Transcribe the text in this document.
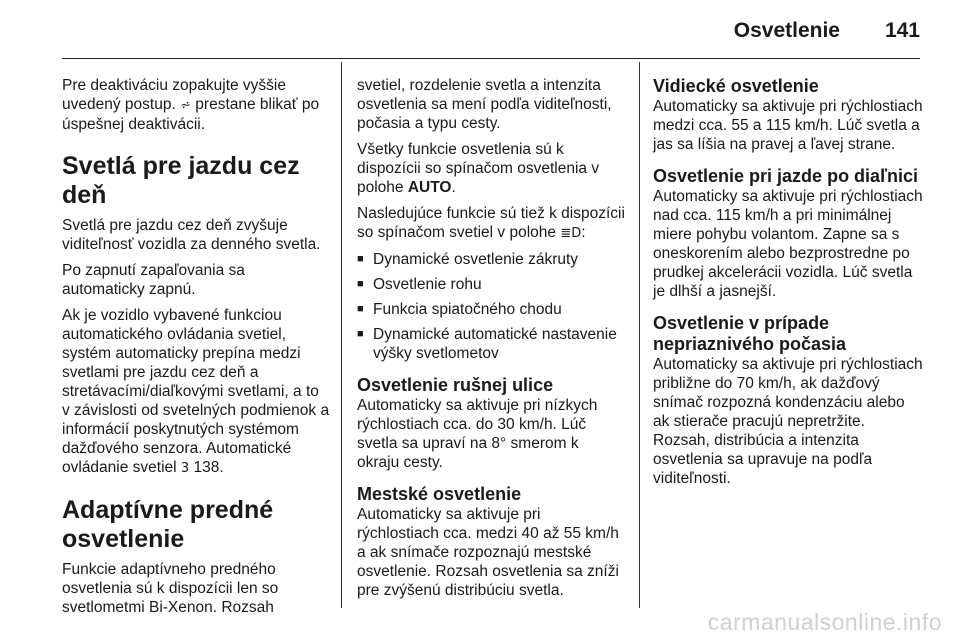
Osvetlenie 141

Pre deaktiváciu zopakujte vyššie uvedený postup. ⩫ prestane blikať po úspešnej deaktivácii.

Svetlá pre jazdu cez deň

Svetlá pre jazdu cez deň zvyšuje viditeľnosť vozidla za denného svetla.

Po zapnutí zapaľovania sa automaticky zapnú.

Ak je vozidlo vybavené funkciou automatického ovládania svetiel, systém automaticky prepína medzi svetlami pre jazdu cez deň a stretávacími/diaľkovými svetlami, a to v závislosti od svetelných podmienok a informácií poskytnutých systémom dažďového senzora. Automatické ovládanie svetiel 3 138.

Adaptívne predné osvetlenie

Funkcie adaptívneho predného osvetlenia sú k dispozícii len so svetlometmi Bi-Xenon. Rozsah

svetiel, rozdelenie svetla a intenzita osvetlenia sa mení podľa viditeľnosti, počasia a typu cesty.

Všetky funkcie osvetlenia sú k dispozícii so spínačom osvetlenia v polohe AUTO.

Nasledujúce funkcie sú tiež k dispozícii so spínačom svetiel v polohe ≣D:

■ Dynamické osvetlenie zákruty
■ Osvetlenie rohu
■ Funkcia spiatočného chodu
■ Dynamické automatické nastavenie výšky svetlometov
Osvetlenie rušnej ulice

Automaticky sa aktivuje pri nízkych rýchlostiach cca. do 30 km/h. Lúč svetla sa upraví na 8° smerom k okraju cesty.

Mestské osvetlenie

Automaticky sa aktivuje pri rýchlostiach cca. medzi 40 až 55 km/h a ak snímače rozpoznajú mestské osvetlenie. Rozsah osvetlenia sa zníži pre zvýšenú distribúciu svetla.

Vidiecké osvetlenie

Automaticky sa aktivuje pri rýchlostiach medzi cca. 55 a 115 km/h. Lúč svetla a jas sa líšia na pravej a ľavej strane.

Osvetlenie pri jazde po diaľnici

Automaticky sa aktivuje pri rýchlostiach nad cca. 115 km/h a pri minimálnej miere pohybu volantom. Zapne sa s oneskorením alebo bezprostredne po prudkej akcelerácii vozidla. Lúč svetla je dlhší a jasnejší.

Osvetlenie v prípade nepriaznivého počasia

Automaticky sa aktivuje pri rýchlostiach približne do 70 km/h, ak dažďový snímač rozpozná kondenzáciu alebo ak stierače pracujú nepretržite. Rozsah, distribúcia a intenzita osvetlenia sa upravuje na podľa viditeľnosti.

carmanualsonline.info
